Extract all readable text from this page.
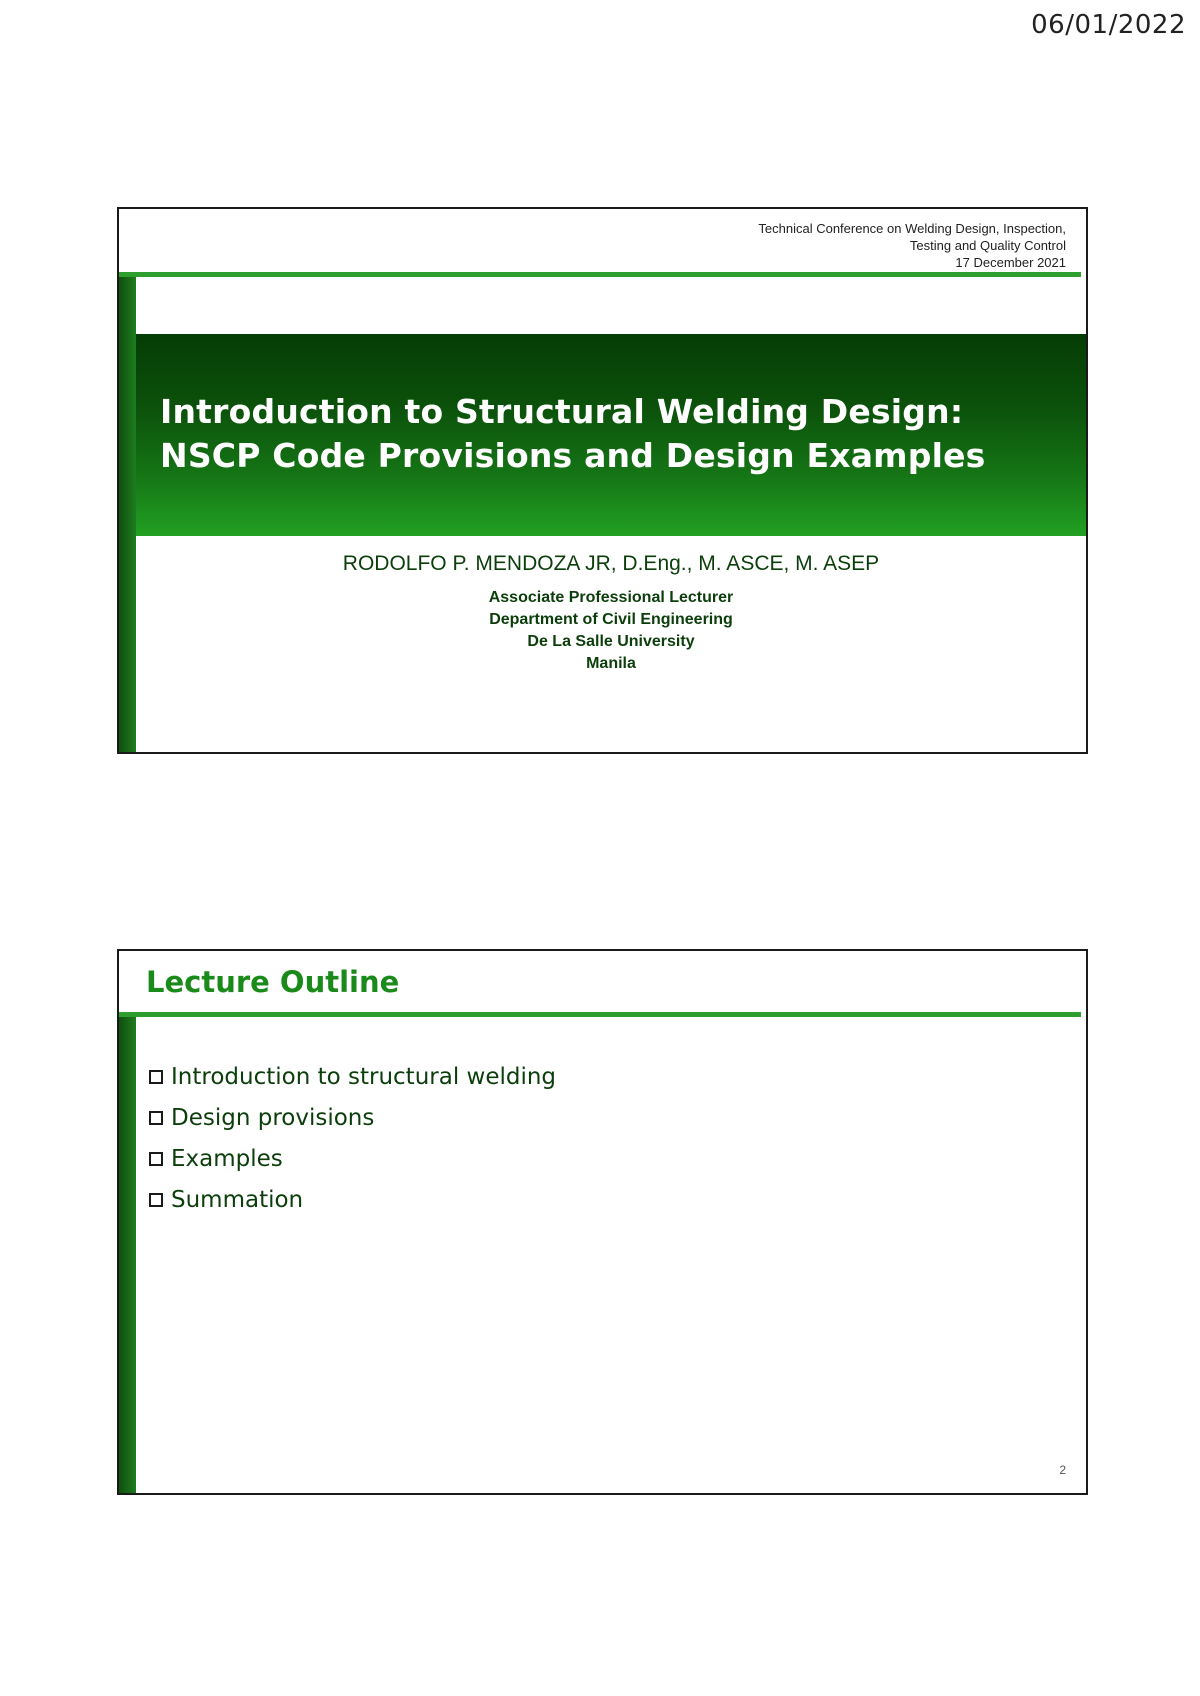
06/01/2022
Technical Conference on Welding Design, Inspection,
Testing and Quality Control
17 December 2021
Introduction to Structural Welding Design:
NSCP Code Provisions and Design Examples
RODOLFO P. MENDOZA JR, D.Eng., M. ASCE, M. ASEP
Associate Professional Lecturer
Department of Civil Engineering
De La Salle University
Manila
Lecture Outline
Introduction to structural welding
Design provisions
Examples
Summation
2
